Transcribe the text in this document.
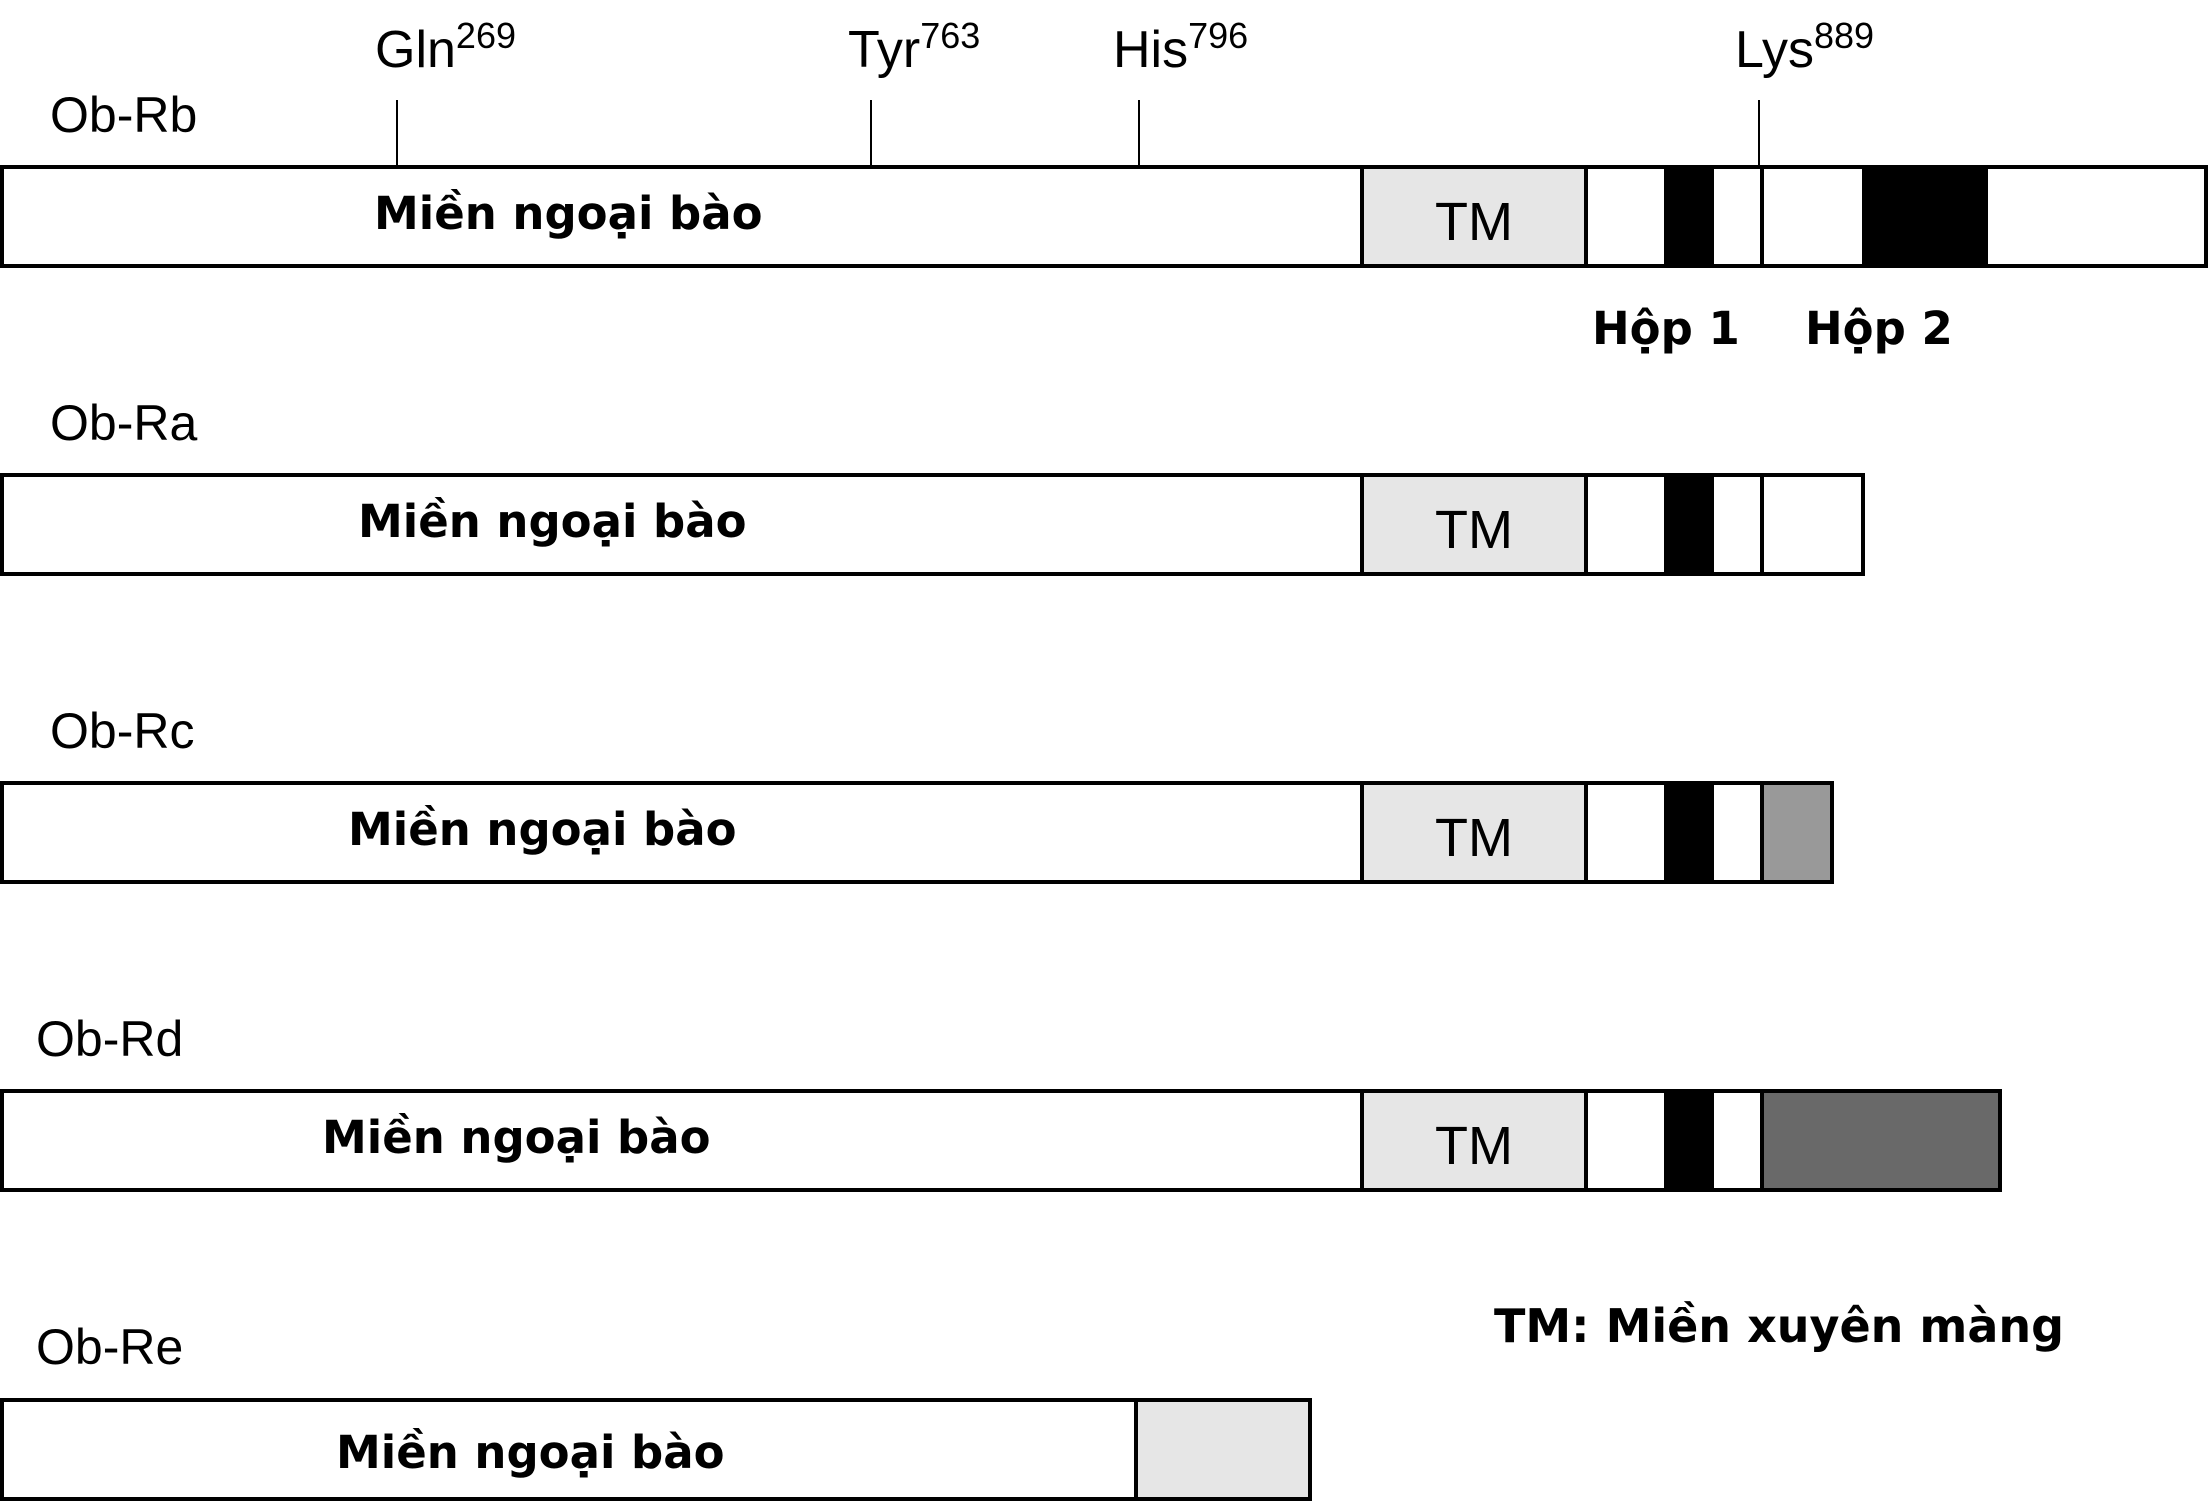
Gln$^{269}$	Tyr$^{763}$	His$^{796}$	Lys$^{889}$
Ob-Rb
Miền ngoại bào	TM
Hộp 1 Hộp 2
Ob-Ra
Miền ngoại bào	TM
Ob-Rc
Miền ngoại bào	TM
Ob-Rd
Miền ngoại bào	TM
TM: Miền xuyên màng
Ob-Re
Miền ngoại bào
